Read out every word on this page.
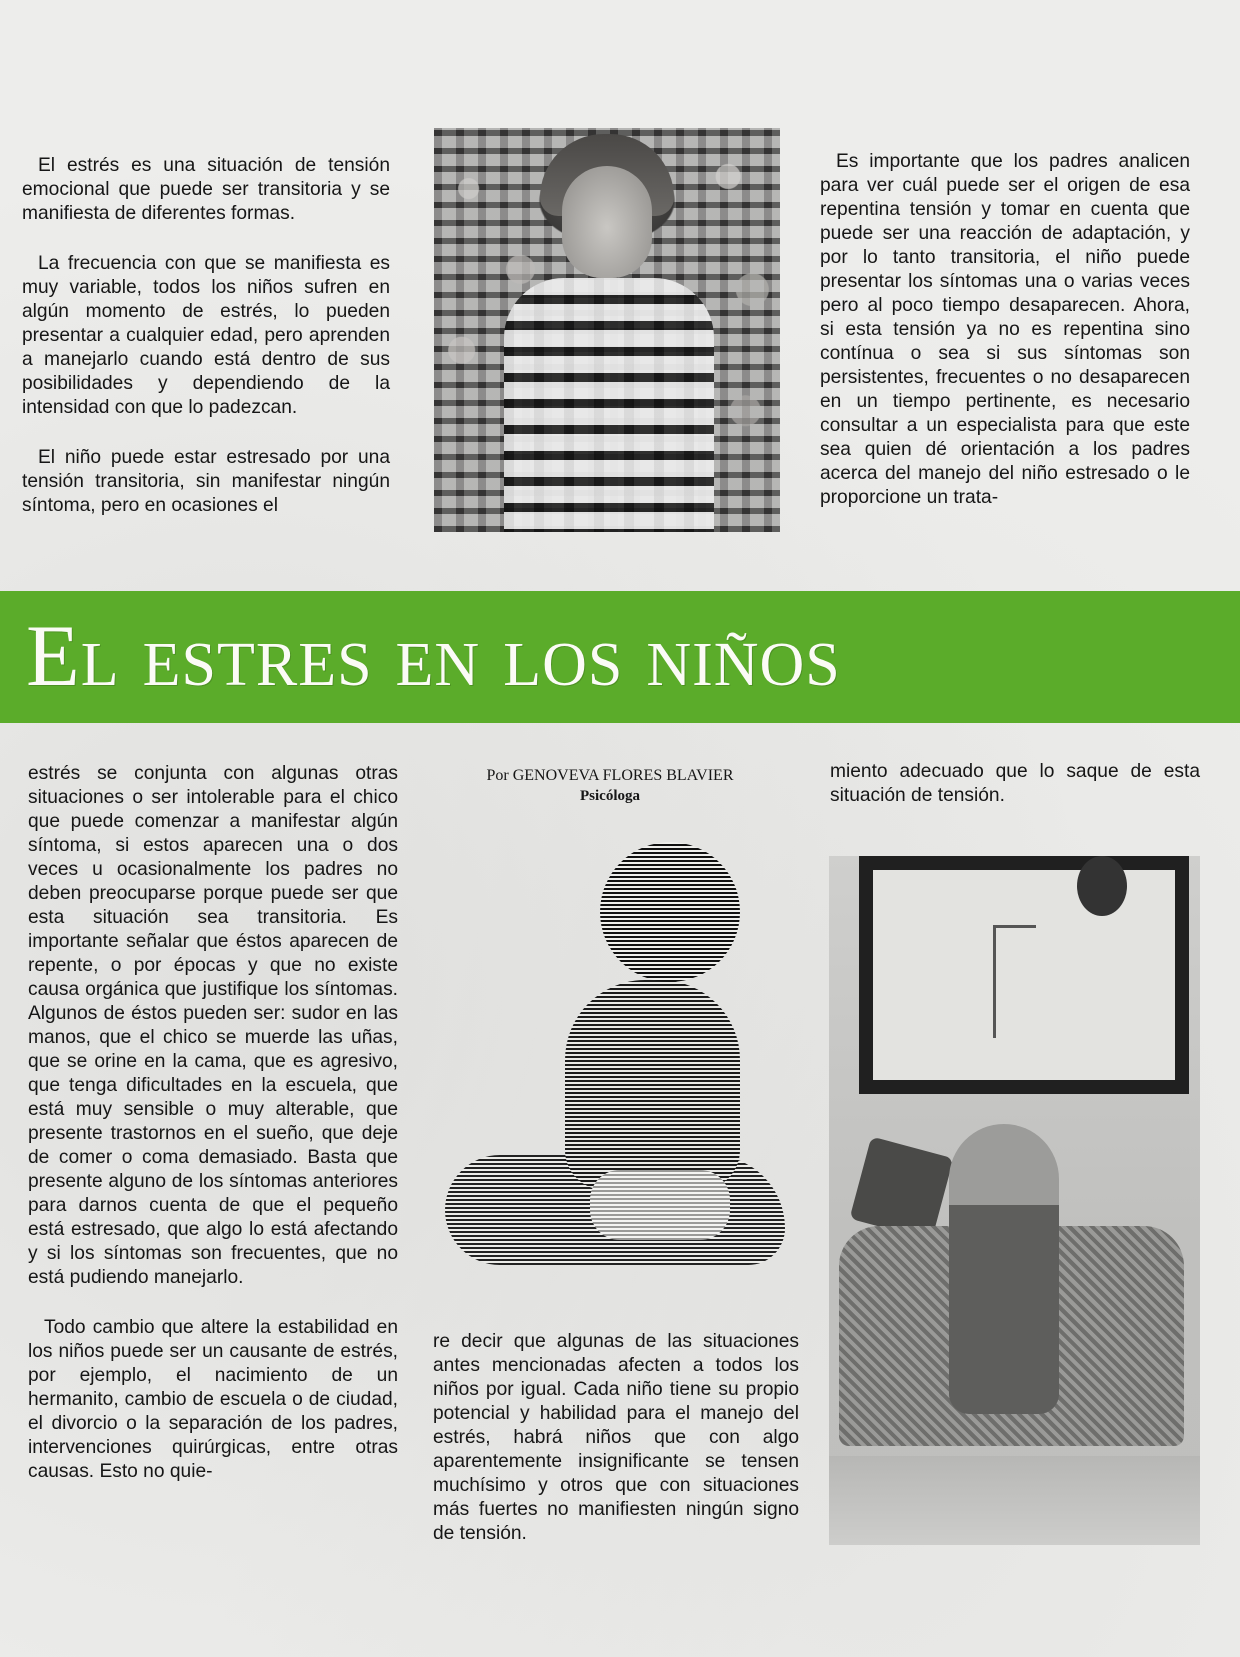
El estrés es una situación de tensión emocional que puede ser transitoria y se manifiesta de diferentes formas.

La frecuencia con que se manifiesta es muy variable, todos los niños sufren en algún momento de estrés, lo pueden presentar a cualquier edad, pero aprenden a manejarlo cuando está dentro de sus posibilidades y dependiendo de la intensidad con que lo padezcan.

El niño puede estar estresado por una tensión transitoria, sin manifestar ningún síntoma, pero en ocasiones el

Es importante que los padres analicen para ver cuál puede ser el origen de esa repentina tensión y tomar en cuenta que puede ser una reacción de adaptación, y por lo tanto transitoria, el niño puede presentar los síntomas una o varias veces pero al poco tiempo desaparecen. Ahora, si esta tensión ya no es repentina sino contínua o sea si sus síntomas son persistentes, frecuentes o no desaparecen en un tiempo pertinente, es necesario consultar a un especialista para que este sea quien dé orientación a los padres acerca del manejo del niño estresado o le proporcione un trata-

El estres en los niños
Por GENOVEVA FLORES BLAVIER
Psicóloga

estrés se conjunta con algunas otras situaciones o ser intolerable para el chico que puede comenzar a manifestar algún síntoma, si estos aparecen una o dos veces u ocasionalmente los padres no deben preocuparse porque puede ser que esta situación sea transitoria. Es importante señalar que éstos aparecen de repente, o por épocas y que no existe causa orgánica que justifique los síntomas. Algunos de éstos pueden ser: sudor en las manos, que el chico se muerde las uñas, que se orine en la cama, que es agresivo, que tenga dificultades en la escuela, que está muy sensible o muy alterable, que presente trastornos en el sueño, que deje de comer o coma demasiado. Basta que presente alguno de los síntomas anteriores para darnos cuenta de que el pequeño está estresado, que algo lo está afectando y si los síntomas son frecuentes, que no está pudiendo manejarlo.

Todo cambio que altere la estabilidad en los niños puede ser un causante de estrés, por ejemplo, el nacimiento de un hermanito, cambio de escuela o de ciudad, el divorcio o la separación de los padres, intervenciones quirúrgicas, entre otras causas. Esto no quie-

re decir que algunas de las situaciones antes mencionadas afecten a todos los niños por igual. Cada niño tiene su propio potencial y habilidad para el manejo del estrés, habrá niños que con algo aparentemente insignificante se tensen muchísimo y otros que con situaciones más fuertes no manifiesten ningún signo de tensión.

miento adecuado que lo saque de esta situación de tensión.
